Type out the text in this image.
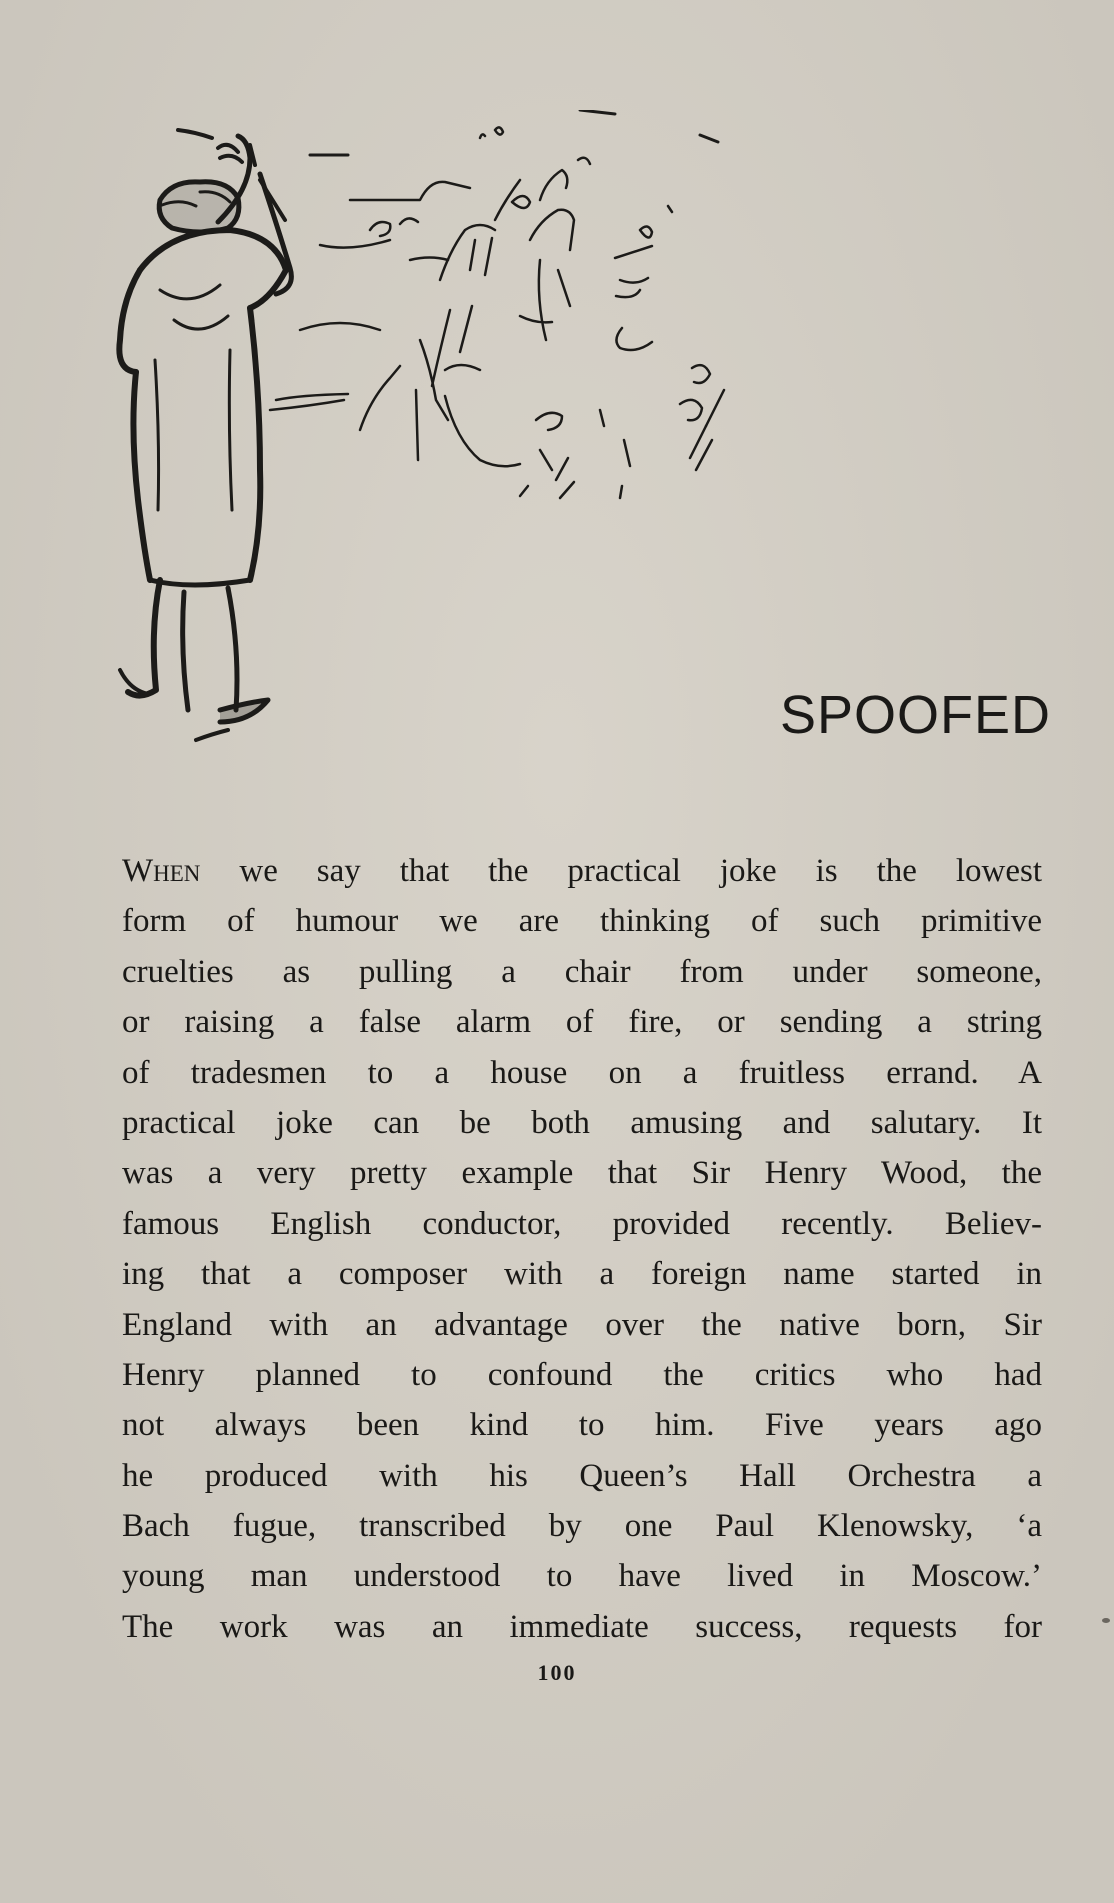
SPOOFED
When we say that the practical joke is the lowest
form of humour we are thinking of such primitive
cruelties as pulling a chair from under someone,
or raising a false alarm of fire, or sending a string
of tradesmen to a house on a fruitless errand. A
practical joke can be both amusing and salutary. It
was a very pretty example that Sir Henry Wood, the
famous English conductor, provided recently. Believ-
ing that a composer with a foreign name started in
England with an advantage over the native born, Sir
Henry planned to confound the critics who had
not always been kind to him. Five years ago
he produced with his Queen’s Hall Orchestra a
Bach fugue, transcribed by one Paul Klenowsky, ‘a
young man understood to have lived in Moscow.’
The work was an immediate success, requests for
100
